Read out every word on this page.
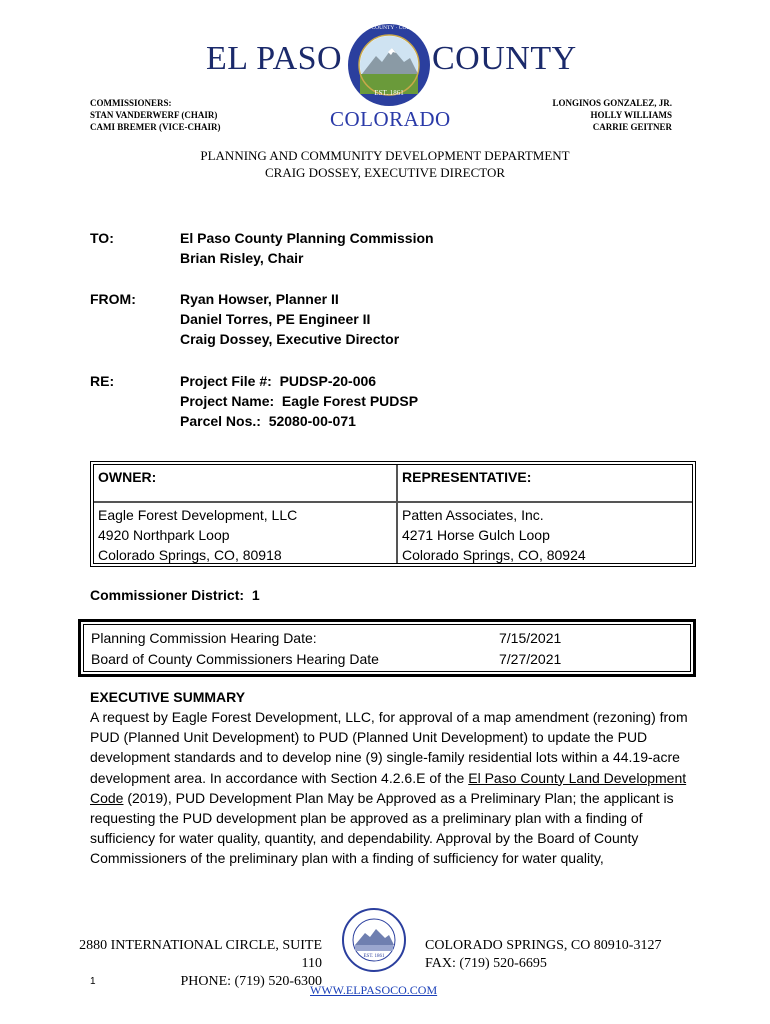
EL PASO	COUNTY
EST. 1861
EL PASO COUNTY · COLORADO
COLORADO
COMMISSIONERS:
STAN VANDERWERF (CHAIR)
CAMI BREMER (VICE-CHAIR)
LONGINOS GONZALEZ, JR.
HOLLY WILLIAMS
CARRIE GEITNER
PLANNING AND COMMUNITY DEVELOPMENT DEPARTMENT
CRAIG DOSSEY, EXECUTIVE DIRECTOR
TO:	El Paso County Planning Commission
Brian Risley, Chair
FROM:	Ryan Howser, Planner II
Daniel Torres, PE Engineer II
Craig Dossey, Executive Director
RE:	Project File #:  PUDSP-20-006
Project Name:  Eagle Forest PUDSP
Parcel Nos.:  52080-00-071
OWNER:	REPRESENTATIVE:
Eagle Forest Development, LLC
4920 Northpark Loop
Colorado Springs, CO, 80918
Patten Associates, Inc.
4271 Horse Gulch Loop
Colorado Springs, CO, 80924
Commissioner District:  1
Planning Commission Hearing Date:	7/15/2021
Board of County Commissioners Hearing Date	7/27/2021
EXECUTIVE SUMMARY
A request by Eagle Forest Development, LLC, for approval of a map amendment (rezoning) from PUD (Planned Unit Development) to PUD (Planned Unit Development) to update the PUD development standards and to develop nine (9) single-family residential lots within a 44.19-acre development area. In accordance with Section 4.2.6.E of the El Paso County Land Development Code (2019), PUD Development Plan May be Approved as a Preliminary Plan; the applicant is requesting the PUD development plan be approved as a preliminary plan with a finding of sufficiency for water quality, quantity, and dependability. Approval by the Board of County Commissioners of the preliminary plan with a finding of sufficiency for water quality,
2880 INTERNATIONAL CIRCLE, SUITE 110
PHONE: (719) 520-6300
EST. 1861
COLORADO SPRINGS, CO 80910-3127
FAX: (719) 520-6695
1
WWW.ELPASOCO.COM
